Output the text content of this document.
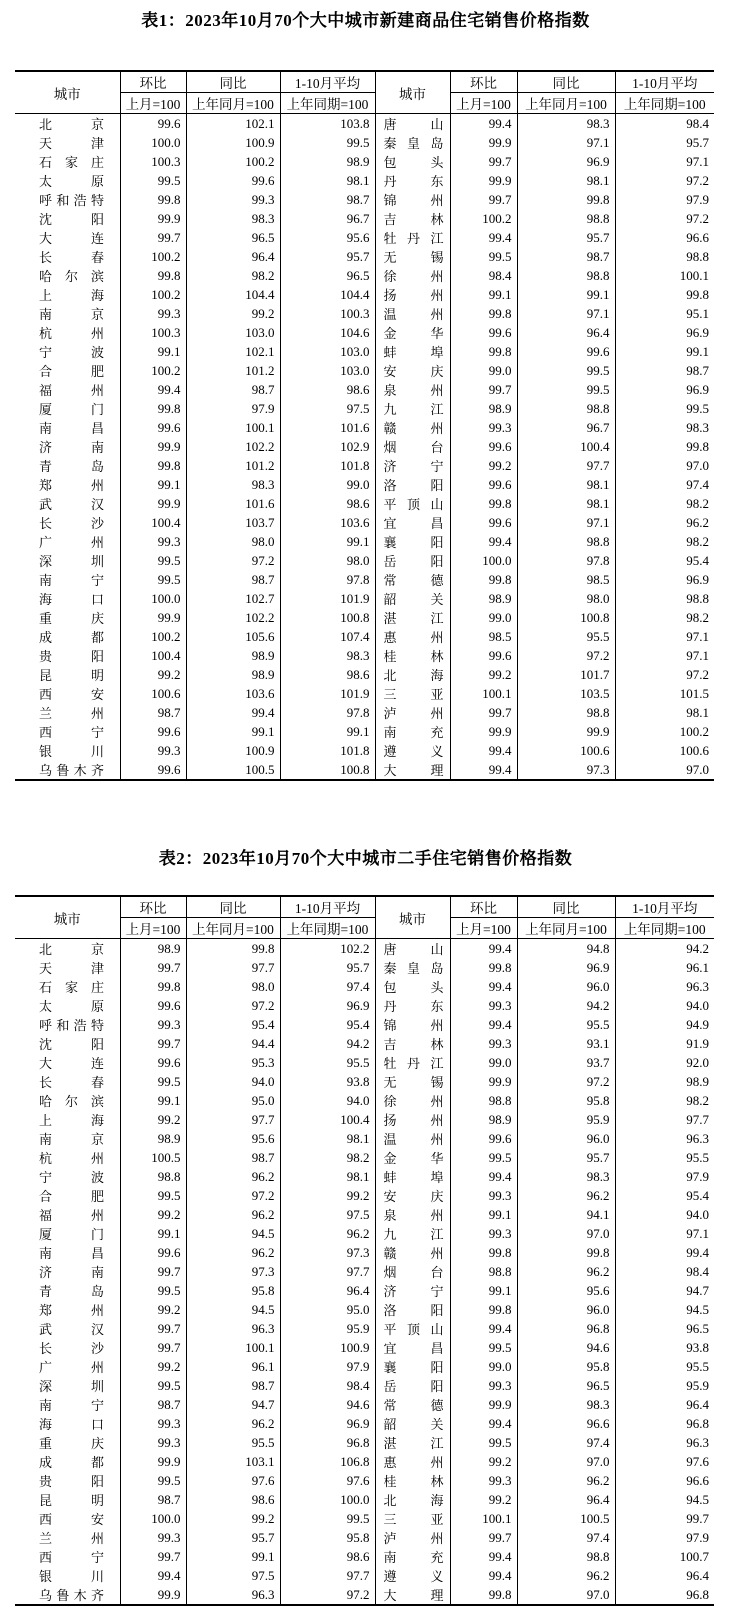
表1：2023年10月70个大中城市新建商品住宅销售价格指数
城市	环比	同比	1-10月平均	城市	环比	同比	1-10月平均
	上月=100	上年同月=100	上年同期=100		上月=100	上年同月=100	上年同期=100
北京	99.6	102.1	103.8	唐山	99.4	98.3	98.4
天津	100.0	100.9	99.5	秦皇岛	99.9	97.1	95.7
石家庄	100.3	100.2	98.9	包头	99.7	96.9	97.1
太原	99.5	99.6	98.1	丹东	99.9	98.1	97.2
呼和浩特	99.8	99.3	98.7	锦州	99.7	99.8	97.9
沈阳	99.9	98.3	96.7	吉林	100.2	98.8	97.2
大连	99.7	96.5	95.6	牡丹江	99.4	95.7	96.6
长春	100.2	96.4	95.7	无锡	99.5	98.7	98.8
哈尔滨	99.8	98.2	96.5	徐州	98.4	98.8	100.1
上海	100.2	104.4	104.4	扬州	99.1	99.1	99.8
南京	99.3	99.2	100.3	温州	99.8	97.1	95.1
杭州	100.3	103.0	104.6	金华	99.6	96.4	96.9
宁波	99.1	102.1	103.0	蚌埠	99.8	99.6	99.1
合肥	100.2	101.2	103.0	安庆	99.0	99.5	98.7
福州	99.4	98.7	98.6	泉州	99.7	99.5	96.9
厦门	99.8	97.9	97.5	九江	98.9	98.8	99.5
南昌	99.6	100.1	101.6	赣州	99.3	96.7	98.3
济南	99.9	102.2	102.9	烟台	99.6	100.4	99.8
青岛	99.8	101.2	101.8	济宁	99.2	97.7	97.0
郑州	99.1	98.3	99.0	洛阳	99.6	98.1	97.4
武汉	99.9	101.6	98.6	平顶山	99.8	98.1	98.2
长沙	100.4	103.7	103.6	宜昌	99.6	97.1	96.2
广州	99.3	98.0	99.1	襄阳	99.4	98.8	98.2
深圳	99.5	97.2	98.0	岳阳	100.0	97.8	95.4
南宁	99.5	98.7	97.8	常德	99.8	98.5	96.9
海口	100.0	102.7	101.9	韶关	98.9	98.0	98.8
重庆	99.9	102.2	100.8	湛江	99.0	100.8	98.2
成都	100.2	105.6	107.4	惠州	98.5	95.5	97.1
贵阳	100.4	98.9	98.3	桂林	99.6	97.2	97.1
昆明	99.2	98.9	98.6	北海	99.2	101.7	97.2
西安	100.6	103.6	101.9	三亚	100.1	103.5	101.5
兰州	98.7	99.4	97.8	泸州	99.7	98.8	98.1
西宁	99.6	99.1	99.1	南充	99.9	99.9	100.2
银川	99.3	100.9	101.8	遵义	99.4	100.6	100.6
乌鲁木齐	99.6	100.5	100.8	大理	99.4	97.3	97.0
表2：2023年10月70个大中城市二手住宅销售价格指数
城市	环比	同比	1-10月平均	城市	环比	同比	1-10月平均
	上月=100	上年同月=100	上年同期=100		上月=100	上年同月=100	上年同期=100
北京	98.9	99.8	102.2	唐山	99.4	94.8	94.2
天津	99.7	97.7	95.7	秦皇岛	99.8	96.9	96.1
石家庄	99.8	98.0	97.4	包头	99.4	96.0	96.3
太原	99.6	97.2	96.9	丹东	99.3	94.2	94.0
呼和浩特	99.3	95.4	95.4	锦州	99.4	95.5	94.9
沈阳	99.7	94.4	94.2	吉林	99.3	93.1	91.9
大连	99.6	95.3	95.5	牡丹江	99.0	93.7	92.0
长春	99.5	94.0	93.8	无锡	99.9	97.2	98.9
哈尔滨	99.1	95.0	94.0	徐州	98.8	95.8	98.2
上海	99.2	97.7	100.4	扬州	98.9	95.9	97.7
南京	98.9	95.6	98.1	温州	99.6	96.0	96.3
杭州	100.5	98.7	98.2	金华	99.5	95.7	95.5
宁波	98.8	96.2	98.1	蚌埠	99.4	98.3	97.9
合肥	99.5	97.2	99.2	安庆	99.3	96.2	95.4
福州	99.2	96.2	97.5	泉州	99.1	94.1	94.0
厦门	99.1	94.5	96.2	九江	99.3	97.0	97.1
南昌	99.6	96.2	97.3	赣州	99.8	99.8	99.4
济南	99.7	97.3	97.7	烟台	98.8	96.2	98.4
青岛	99.5	95.8	96.4	济宁	99.1	95.6	94.7
郑州	99.2	94.5	95.0	洛阳	99.8	96.0	94.5
武汉	99.7	96.3	95.9	平顶山	99.4	96.8	96.5
长沙	99.7	100.1	100.9	宜昌	99.5	94.6	93.8
广州	99.2	96.1	97.9	襄阳	99.0	95.8	95.5
深圳	99.5	98.7	98.4	岳阳	99.3	96.5	95.9
南宁	98.7	94.7	94.6	常德	99.9	98.3	96.4
海口	99.3	96.2	96.9	韶关	99.4	96.6	96.8
重庆	99.3	95.5	96.8	湛江	99.5	97.4	96.3
成都	99.9	103.1	106.8	惠州	99.2	97.0	97.6
贵阳	99.5	97.6	97.6	桂林	99.3	96.2	96.6
昆明	98.7	98.6	100.0	北海	99.2	96.4	94.5
西安	100.0	99.2	99.5	三亚	100.1	100.5	99.7
兰州	99.3	95.7	95.8	泸州	99.7	97.4	97.9
西宁	99.7	99.1	98.6	南充	99.4	98.8	100.7
银川	99.4	97.5	97.7	遵义	99.4	96.2	96.4
乌鲁木齐	99.9	96.3	97.2	大理	99.8	97.0	96.8
